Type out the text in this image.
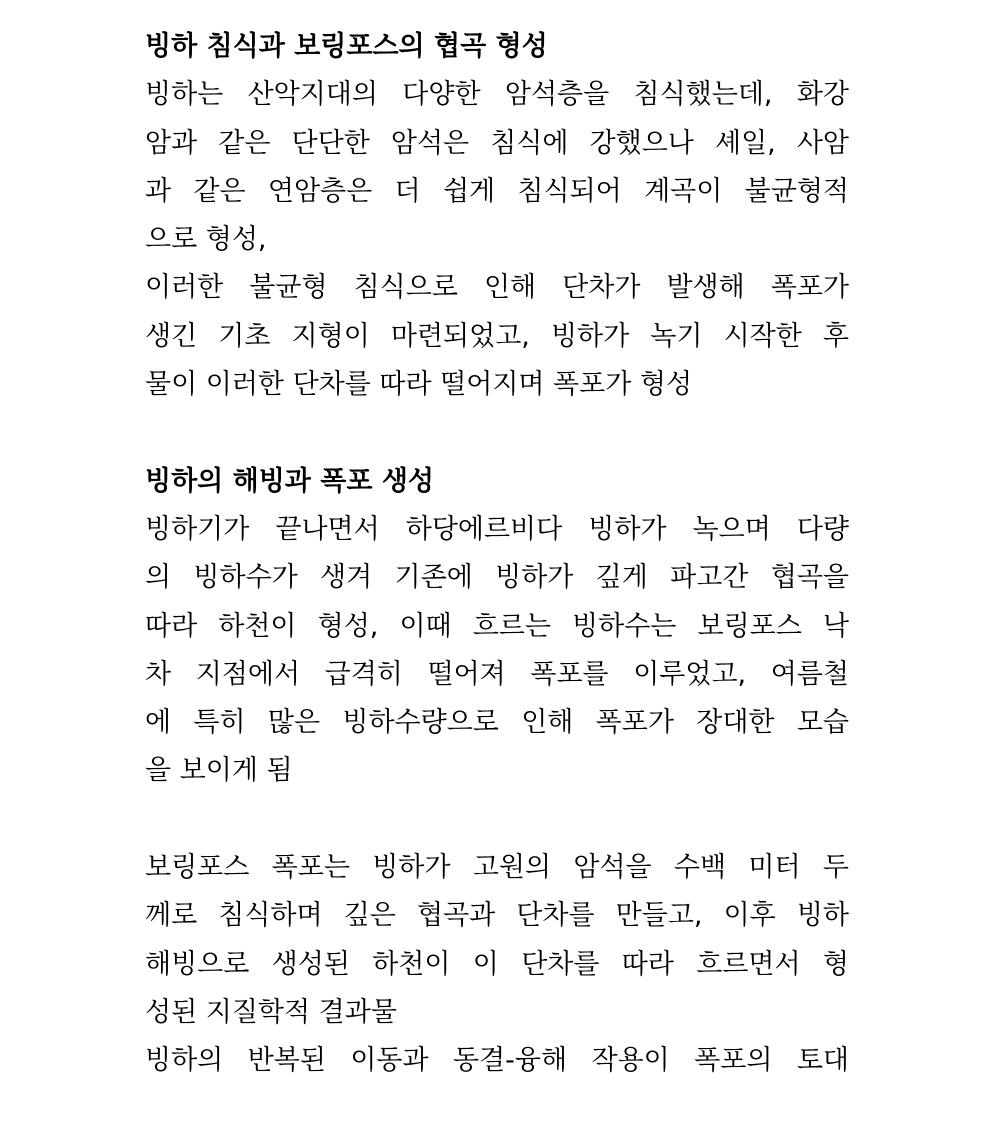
빙하 침식과 보링포스의 협곡 형성
빙하는 산악지대의 다양한 암석층을 침식했는데, 화강
암과 같은 단단한 암석은 침식에 강했으나 셰일, 사암
과 같은 연암층은 더 쉽게 침식되어 계곡이 불균형적
으로 형성,
이러한 불균형 침식으로 인해 단차가 발생해 폭포가
생긴 기초 지형이 마련되었고, 빙하가 녹기 시작한 후
물이 이러한 단차를 따라 떨어지며 폭포가 형성
빙하의 해빙과 폭포 생성
빙하기가 끝나면서 하당에르비다 빙하가 녹으며 다량
의 빙하수가 생겨 기존에 빙하가 깊게 파고간 협곡을
따라 하천이 형성, 이때 흐르는 빙하수는 보링포스 낙
차 지점에서 급격히 떨어져 폭포를 이루었고, 여름철
에 특히 많은 빙하수량으로 인해 폭포가 장대한 모습
을 보이게 됨
보링포스 폭포는 빙하가 고원의 암석을 수백 미터 두
께로 침식하며 깊은 협곡과 단차를 만들고, 이후 빙하
해빙으로 생성된 하천이 이 단차를 따라 흐르면서 형
성된 지질학적 결과물
빙하의 반복된 이동과 동결-융해 작용이 폭포의 토대
